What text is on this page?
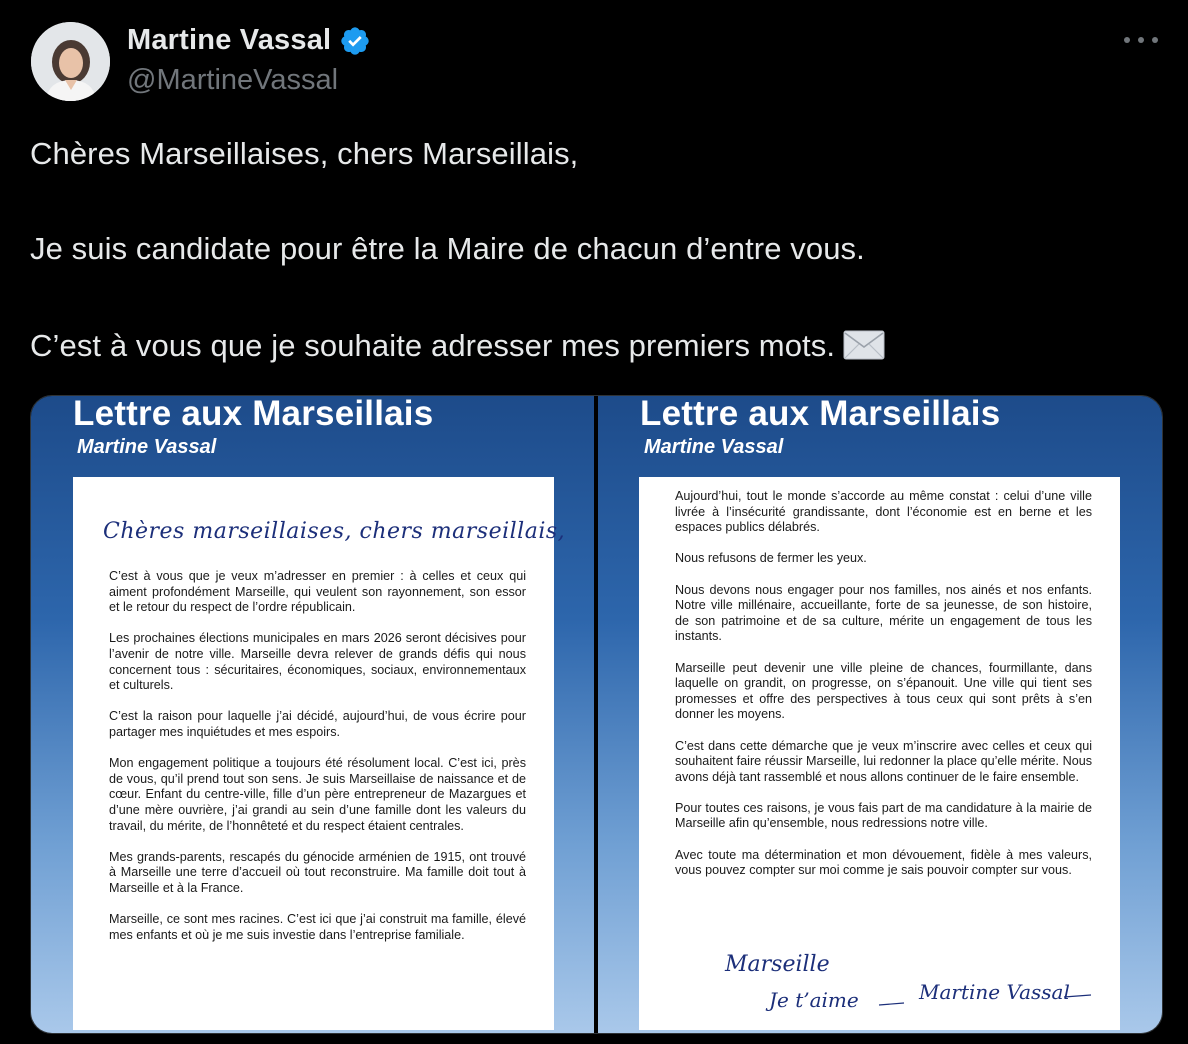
Martine Vassal
@MartineVassal
Chères Marseillaises, chers Marseillais,
Je suis candidate pour être la Maire de chacun d’entre vous.
C’est à vous que je souhaite adresser mes premiers mots.
Lettre aux Marseillais
Martine Vassal
Chères marseillaises, chers marseillais,

C’est à vous que je veux m’adresser en premier : à celles et ceux qui aiment profondément Marseille, qui veulent son rayonnement, son essor et le retour du respect de l’ordre républicain.

Les prochaines élections municipales en mars 2026 seront décisives pour l’avenir de notre ville. Marseille devra relever de grands défis qui nous concernent tous : sécuritaires, économiques, sociaux, environnementaux et culturels.

C’est la raison pour laquelle j’ai décidé, aujourd’hui, de vous écrire pour partager mes inquiétudes et mes espoirs.

Mon engagement politique a toujours été résolument local. C’est ici, près de vous, qu’il prend tout son sens. Je suis Marseillaise de naissance et de cœur. Enfant du centre-ville, fille d’un père entrepreneur de Mazargues et d’une mère ouvrière, j’ai grandi au sein d’une famille dont les valeurs du travail, du mérite, de l’honnêteté et du respect étaient centrales.

Mes grands-parents, rescapés du génocide arménien de 1915, ont trouvé à Marseille une terre d’accueil où tout reconstruire. Ma famille doit tout à Marseille et à la France.

Marseille, ce sont mes racines. C’est ici que j’ai construit ma famille, élevé mes enfants et où je me suis investie dans l’entreprise familiale.

Lettre aux Marseillais
Martine Vassal

Aujourd’hui, tout le monde s’accorde au même constat : celui d’une ville livrée à l’insécurité grandissante, dont l’économie est en berne et les espaces publics délabrés.

Nous refusons de fermer les yeux.

Nous devons nous engager pour nos familles, nos ainés et nos enfants. Notre ville millénaire, accueillante, forte de sa jeunesse, de son histoire, de son patrimoine et de sa culture, mérite un engagement de tous les instants.

Marseille peut devenir une ville pleine de chances, fourmillante, dans laquelle on grandit, on progresse, on s’épanouit. Une ville qui tient ses promesses et offre des perspectives à tous ceux qui sont prêts à s’en donner les moyens.

C’est dans cette démarche que je veux m’inscrire avec celles et ceux qui souhaitent faire réussir Marseille, lui redonner la place qu’elle mérite. Nous avons déjà tant rassemblé et nous allons continuer de le faire ensemble.

Pour toutes ces raisons, je vous fais part de ma candidature à la mairie de Marseille afin qu’ensemble, nous redressions notre ville.

Avec toute ma détermination et mon dévouement, fidèle à mes valeurs, vous pouvez compter sur moi comme je sais pouvoir compter sur vous.

Marseille
Je t’aime	Martine Vassal
